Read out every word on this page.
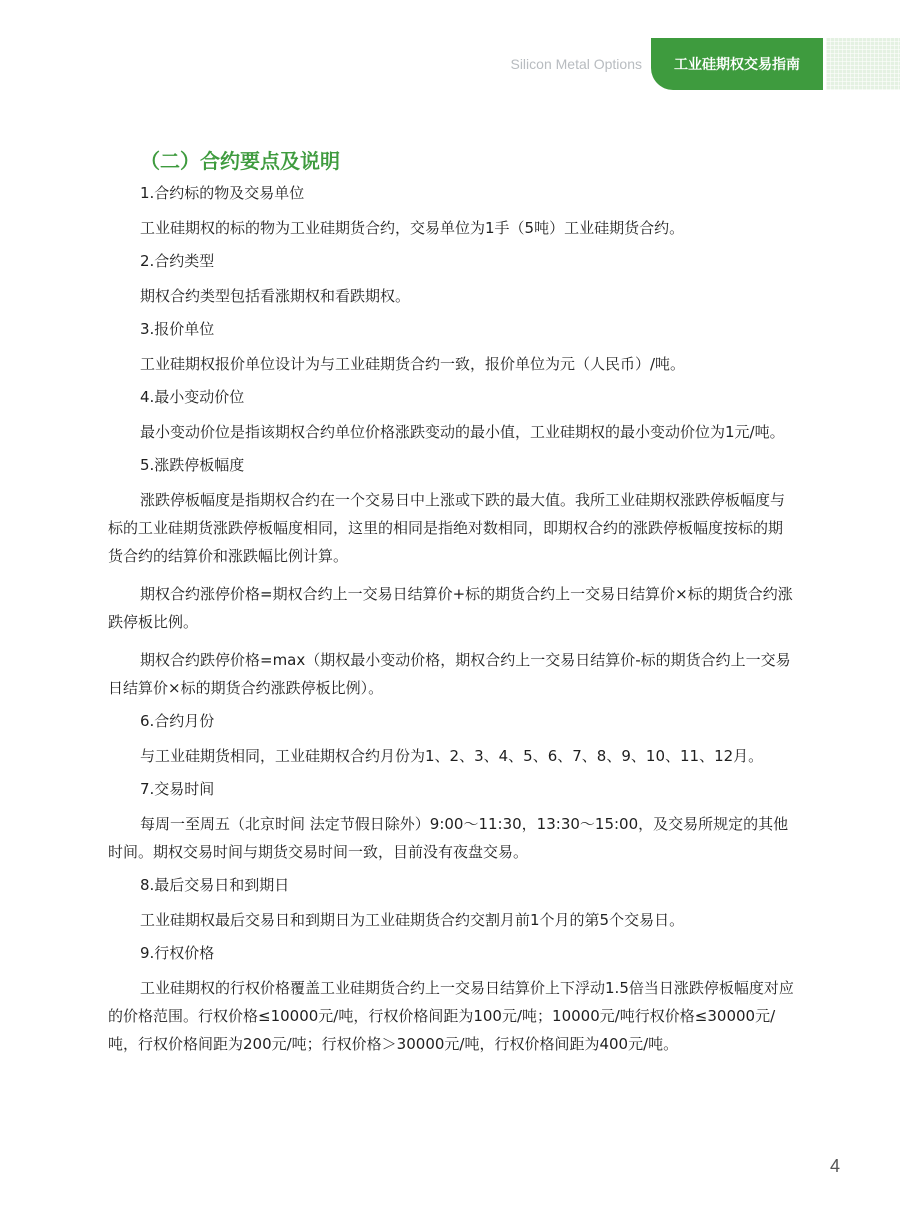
Silicon Metal Options 工业硅期权交易指南
（二）合约要点及说明
1.合约标的物及交易单位

工业硅期权的标的物为工业硅期货合约，交易单位为1手（5吨）工业硅期货合约。

2.合约类型

期权合约类型包括看涨期权和看跌期权。

3.报价单位

工业硅期权报价单位设计为与工业硅期货合约一致，报价单位为元（人民币）/吨。

4.最小变动价位

最小变动价位是指该期权合约单位价格涨跌变动的最小值，工业硅期权的最小变动价位为1元/吨。

5.涨跌停板幅度

涨跌停板幅度是指期权合约在一个交易日中上涨或下跌的最大值。我所工业硅期权涨跌停板幅度与标的工业硅期货涨跌停板幅度相同，这里的相同是指绝对数相同，即期权合约的涨跌停板幅度按标的期货合约的结算价和涨跌幅比例计算。

期权合约涨停价格=期权合约上一交易日结算价+标的期货合约上一交易日结算价×标的期货合约涨跌停板比例。

期权合约跌停价格=max（期权最小变动价格，期权合约上一交易日结算价-标的期货合约上一交易日结算价×标的期货合约涨跌停板比例）。

6.合约月份

与工业硅期货相同，工业硅期权合约月份为1、2、3、4、5、6、7、8、9、10、11、12月。

7.交易时间

每周一至周五（北京时间 法定节假日除外）9:00～11:30，13:30～15:00，及交易所规定的其他时间。期权交易时间与期货交易时间一致，目前没有夜盘交易。

8.最后交易日和到期日

工业硅期权最后交易日和到期日为工业硅期货合约交割月前1个月的第5个交易日。

9.行权价格

工业硅期权的行权价格覆盖工业硅期货合约上一交易日结算价上下浮动1.5倍当日涨跌停板幅度对应的价格范围。行权价格≤10000元/吨，行权价格间距为100元/吨；10000元/吨行权价格≤30000元/吨，行权价格间距为200元/吨；行权价格＞30000元/吨，行权价格间距为400元/吨。

4
